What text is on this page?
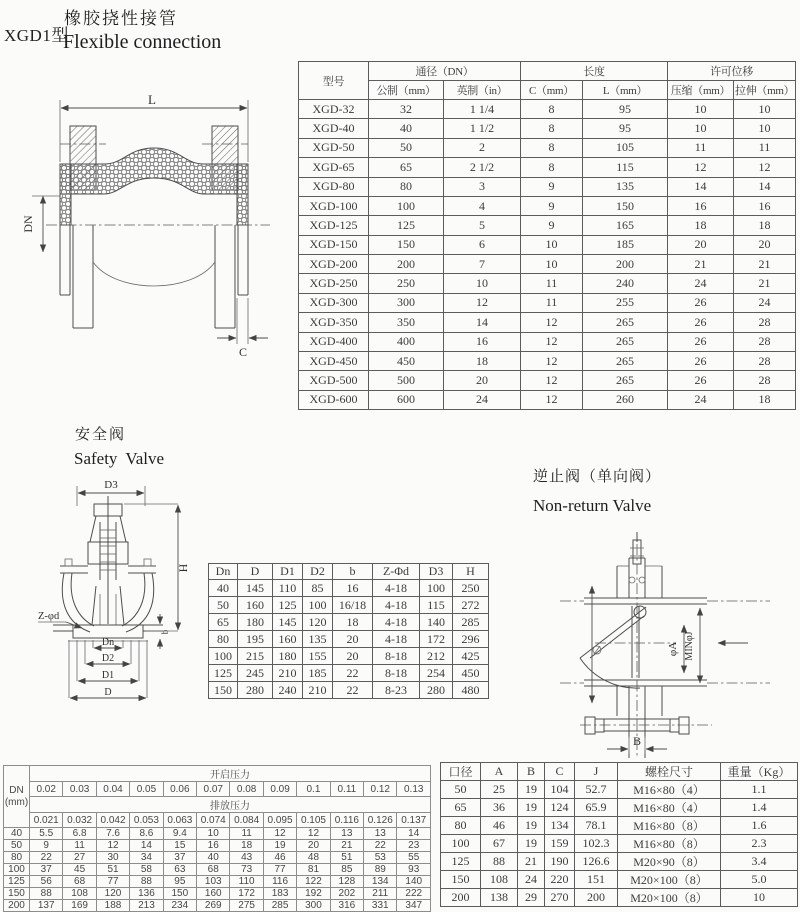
XGD1型
橡胶挠性接管
Flexible connection
L
DN
C
型号	通径（DN）		长度		许可位移	
	公制（mm）	英制（in）	C（mm）	L（mm）	压缩（mm）	拉伸（mm）
XGD-32	32	1 1/4	8	95	10	10
XGD-40	40	1 1/2	8	95	10	10
XGD-50	50	2	8	105	11	11
XGD-65	65	2 1/2	8	115	12	12
XGD-80	80	3	9	135	14	14
XGD-100	100	4	9	150	16	16
XGD-125	125	5	9	165	18	18
XGD-150	150	6	10	185	20	20
XGD-200	200	7	10	200	21	21
XGD-250	250	10	11	240	24	21
XGD-300	300	12	11	255	26	24
XGD-350	350	14	12	265	26	28
XGD-400	400	16	12	265	26	28
XGD-450	450	18	12	265	26	28
XGD-500	500	20	12	265	26	28
XGD-600	600	24	12	260	24	18
安全阀
Safety Valve
D3
Z-φd
b
H
Dn
D2
D1
D
Dn	D	D1	D2	b	Z-Φd	D3	H
40	145	110	85	16	4-18	100	250
50	160	125	100	16/18	4-18	115	272
65	180	145	120	18	4-18	140	285
80	195	160	135	20	4-18	172	296
100	215	180	155	20	8-18	212	425
125	245	210	185	22	8-18	254	450
150	280	240	210	22	8-23	280	480
逆止阀（单向阀）
Non-return Valve
φA MINφJ
B
DN
(mm)	开启压力											
	0.02	0.03	0.04	0.05	0.06	0.07	0.08	0.09	0.1	0.11	0.12	0.13
	排放压力											
	0.021	0.032	0.042	0.053	0.063	0.074	0.084	0.095	0.105	0.116	0.126	0.137
40	5.5	6.8	7.6	8.6	9.4	10	11	12	12	13	13	14
50	9	11	12	14	15	16	18	19	20	21	22	23
80	22	27	30	34	37	40	43	46	48	51	53	55
100	37	45	51	58	63	68	73	77	81	85	89	93
125	56	68	77	88	95	103	110	116	122	128	134	140
150	88	108	120	136	150	160	172	183	192	202	211	222
200	137	169	188	213	234	269	275	285	300	316	331	347
口径	A	B	C	J	螺栓尺寸	重量（Kg）
50	25	19	104	52.7	M16×80（4）	1.1
65	36	19	124	65.9	M16×80（4）	1.4
80	46	19	134	78.1	M16×80（8）	1.6
100	67	19	159	102.3	M16×80（8）	2.3
125	88	21	190	126.6	M20×90（8）	3.4
150	108	24	220	151	M20×100（8）	5.0
200	138	29	270	200	M20×100（8）	10
